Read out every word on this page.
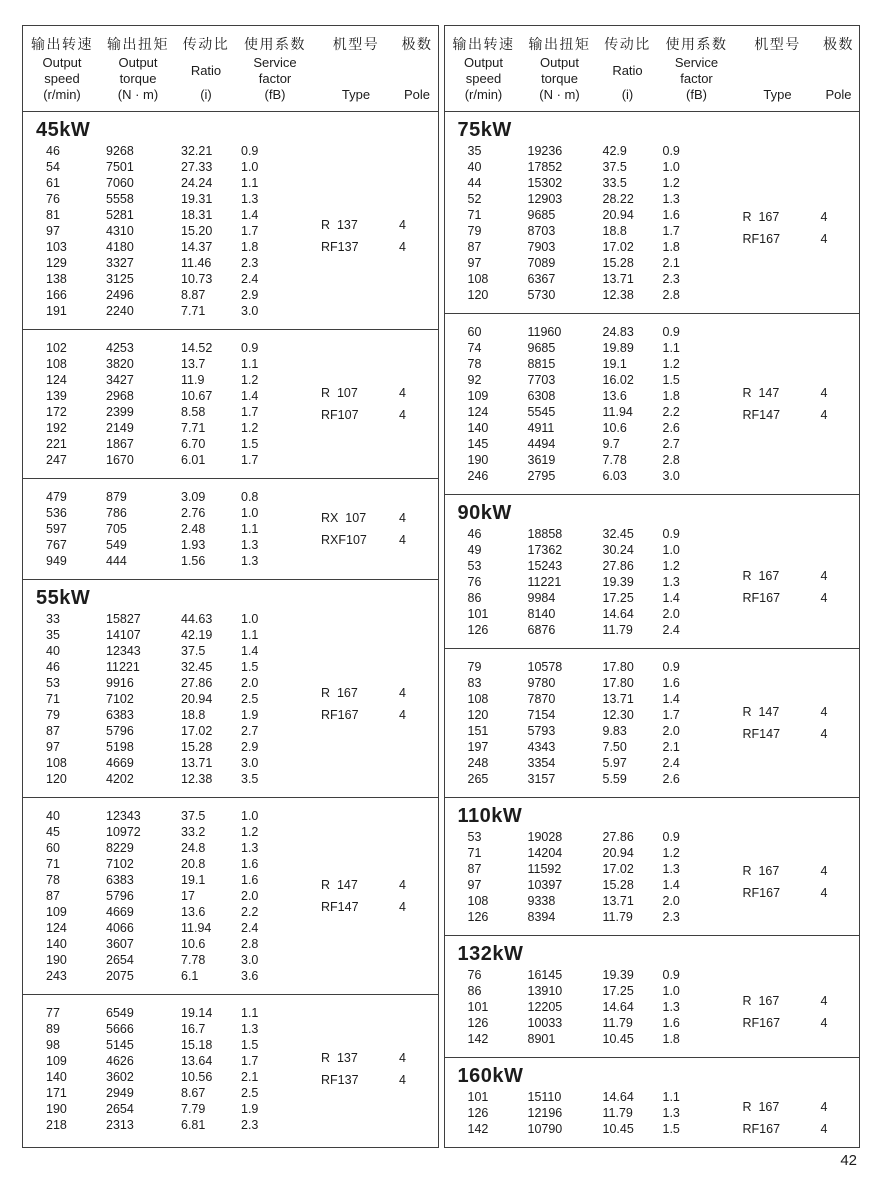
输出转速
Output
speed
(r/min)
输出扭矩
Output
torque
(N · m)
传动比
Ratio
(i)
使用系数
Service
factor
(fB)
机型号
Type
极数
Pole
45kW
46	9268	32.21	0.9
54	7501	27.33	1.0
61	7060	24.24	1.1
76	5558	19.31	1.3
81	5281	18.31	1.4
97	4310	15.20	1.7
103	4180	14.37	1.8
129	3327	11.46	2.3
138	3125	10.73	2.4
166	2496	8.87	2.9
191	2240	7.71	3.0
R  137	4
RF137	4
102	4253	14.52	0.9
108	3820	13.7	1.1
124	3427	11.9	1.2
139	2968	10.67	1.4
172	2399	8.58	1.7
192	2149	7.71	1.2
221	1867	6.70	1.5
247	1670	6.01	1.7
R  107	4
RF107	4
479	879	3.09	0.8
536	786	2.76	1.0
597	705	2.48	1.1
767	549	1.93	1.3
949	444	1.56	1.3
RX  107	4
RXF107	4
55kW
33	15827	44.63	1.0
35	14107	42.19	1.1
40	12343	37.5	1.4
46	11221	32.45	1.5
53	9916	27.86	2.0
71	7102	20.94	2.5
79	6383	18.8	1.9
87	5796	17.02	2.7
97	5198	15.28	2.9
108	4669	13.71	3.0
120	4202	12.38	3.5
R  167	4
RF167	4
40	12343	37.5	1.0
45	10972	33.2	1.2
60	8229	24.8	1.3
71	7102	20.8	1.6
78	6383	19.1	1.6
87	5796	17	2.0
109	4669	13.6	2.2
124	4066	11.94	2.4
140	3607	10.6	2.8
190	2654	7.78	3.0
243	2075	6.1	3.6
R  147	4
RF147	4
77	6549	19.14	1.1
89	5666	16.7	1.3
98	5145	15.18	1.5
109	4626	13.64	1.7
140	3602	10.56	2.1
171	2949	8.67	2.5
190	2654	7.79	1.9
218	2313	6.81	2.3
R  137	4
RF137	4
输出转速
Output
speed
(r/min)
输出扭矩
Output
torque
(N · m)
传动比
Ratio
(i)
使用系数
Service
factor
(fB)
机型号
Type
极数
Pole
75kW
35	19236	42.9	0.9
40	17852	37.5	1.0
44	15302	33.5	1.2
52	12903	28.22	1.3
71	9685	20.94	1.6
79	8703	18.8	1.7
87	7903	17.02	1.8
97	7089	15.28	2.1
108	6367	13.71	2.3
120	5730	12.38	2.8
R  167	4
RF167	4
60	11960	24.83	0.9
74	9685	19.89	1.1
78	8815	19.1	1.2
92	7703	16.02	1.5
109	6308	13.6	1.8
124	5545	11.94	2.2
140	4911	10.6	2.6
145	4494	9.7	2.7
190	3619	7.78	2.8
246	2795	6.03	3.0
R  147	4
RF147	4
90kW
46	18858	32.45	0.9
49	17362	30.24	1.0
53	15243	27.86	1.2
76	11221	19.39	1.3
86	9984	17.25	1.4
101	8140	14.64	2.0
126	6876	11.79	2.4
R  167	4
RF167	4
79	10578	17.80	0.9
83	9780	17.80	1.6
108	7870	13.71	1.4
120	7154	12.30	1.7
151	5793	9.83	2.0
197	4343	7.50	2.1
248	3354	5.97	2.4
265	3157	5.59	2.6
R  147	4
RF147	4
110kW
53	19028	27.86	0.9
71	14204	20.94	1.2
87	11592	17.02	1.3
97	10397	15.28	1.4
108	9338	13.71	2.0
126	8394	11.79	2.3
R  167	4
RF167	4
132kW
76	16145	19.39	0.9
86	13910	17.25	1.0
101	12205	14.64	1.3
126	10033	11.79	1.6
142	8901	10.45	1.8
R  167	4
RF167	4
160kW
101	15110	14.64	1.1
126	12196	11.79	1.3
142	10790	10.45	1.5
R  167	4
RF167	4
42
